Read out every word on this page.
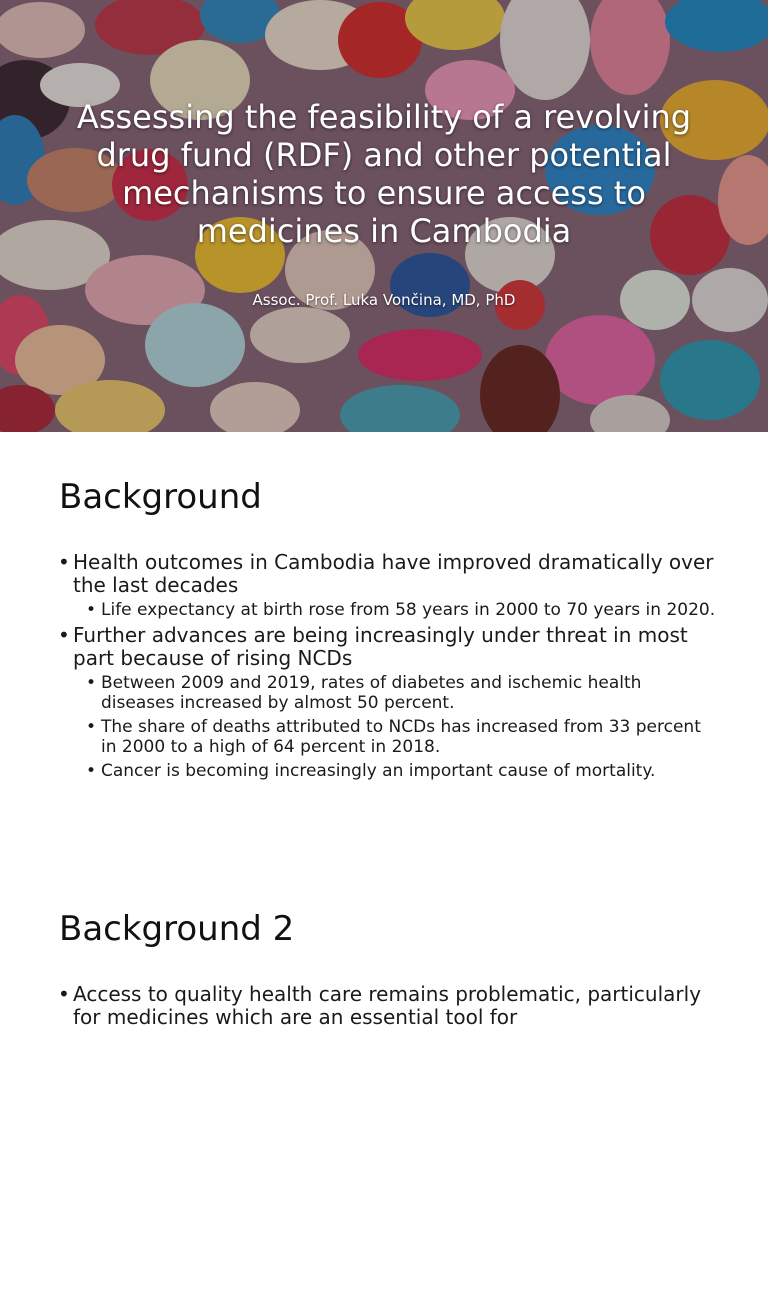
Assessing the feasibility of a revolving drug fund (RDF) and other potential mechanisms to ensure access to medicines in Cambodia
Assoc. Prof. Luka Vončina, MD, PhD
Background
• Health outcomes in Cambodia have improved dramatically over the last decades
• Life expectancy at birth rose from 58 years in 2000 to 70 years in 2020.
• Further advances are being increasingly under threat in most part because of rising NCDs
• Between 2009 and 2019, rates of diabetes and ischemic health diseases increased by almost 50 percent.
• The share of deaths attributed to NCDs has increased from 33 percent in 2000 to a high of 64 percent in 2018.
• Cancer is becoming increasingly an important cause of mortality.
Background 2
• Access to quality health care remains problematic, particularly for medicines which are an essential tool for
